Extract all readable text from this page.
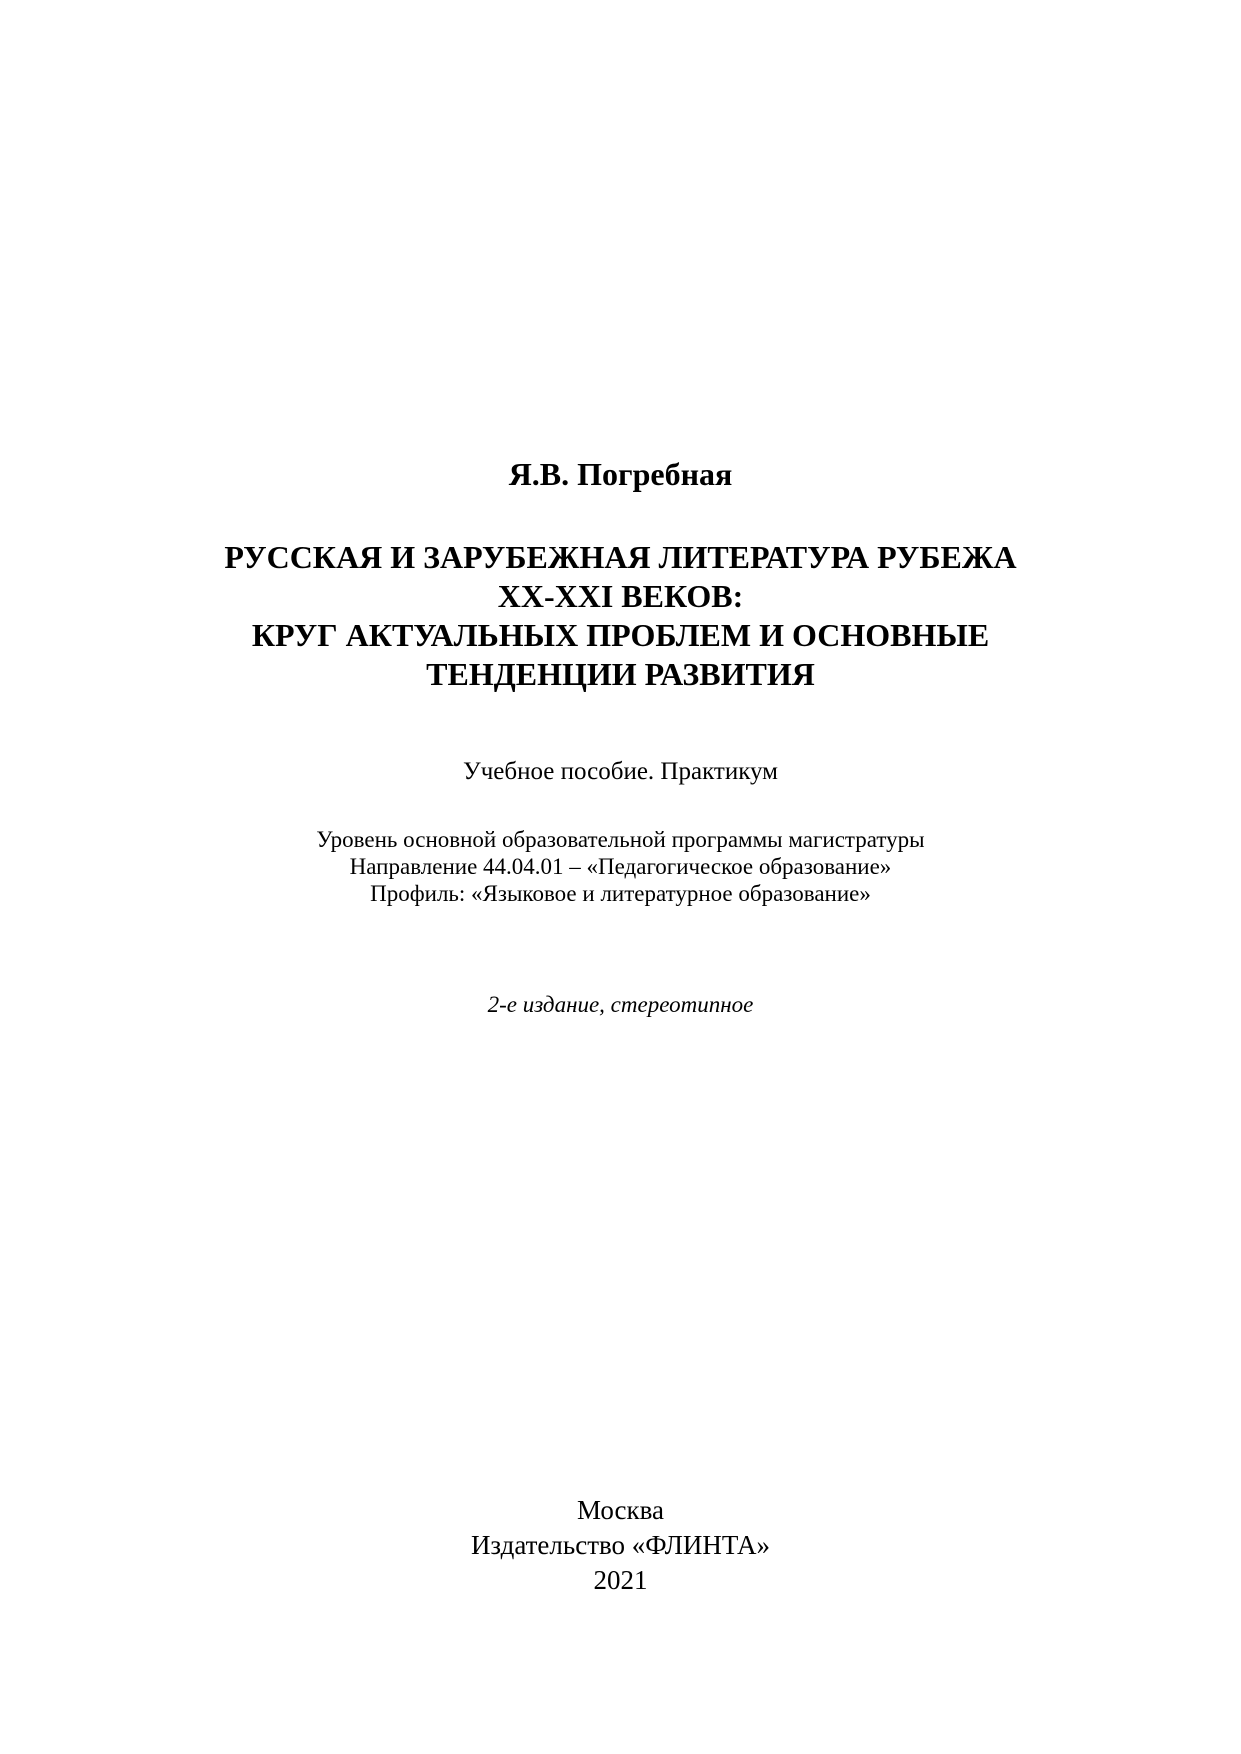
Я.В. Погребная
РУССКАЯ И ЗАРУБЕЖНАЯ ЛИТЕРАТУРА РУБЕЖА
XX-XXI ВЕКОВ:
КРУГ АКТУАЛЬНЫХ ПРОБЛЕМ И ОСНОВНЫЕ
ТЕНДЕНЦИИ РАЗВИТИЯ
Учебное пособие. Практикум
Уровень основной образовательной программы магистратуры
Направление 44.04.01 – «Педагогическое образование»
Профиль: «Языковое и литературное образование»
2-е издание, стереотипное
Москва
Издательство «ФЛИНТА»
2021
